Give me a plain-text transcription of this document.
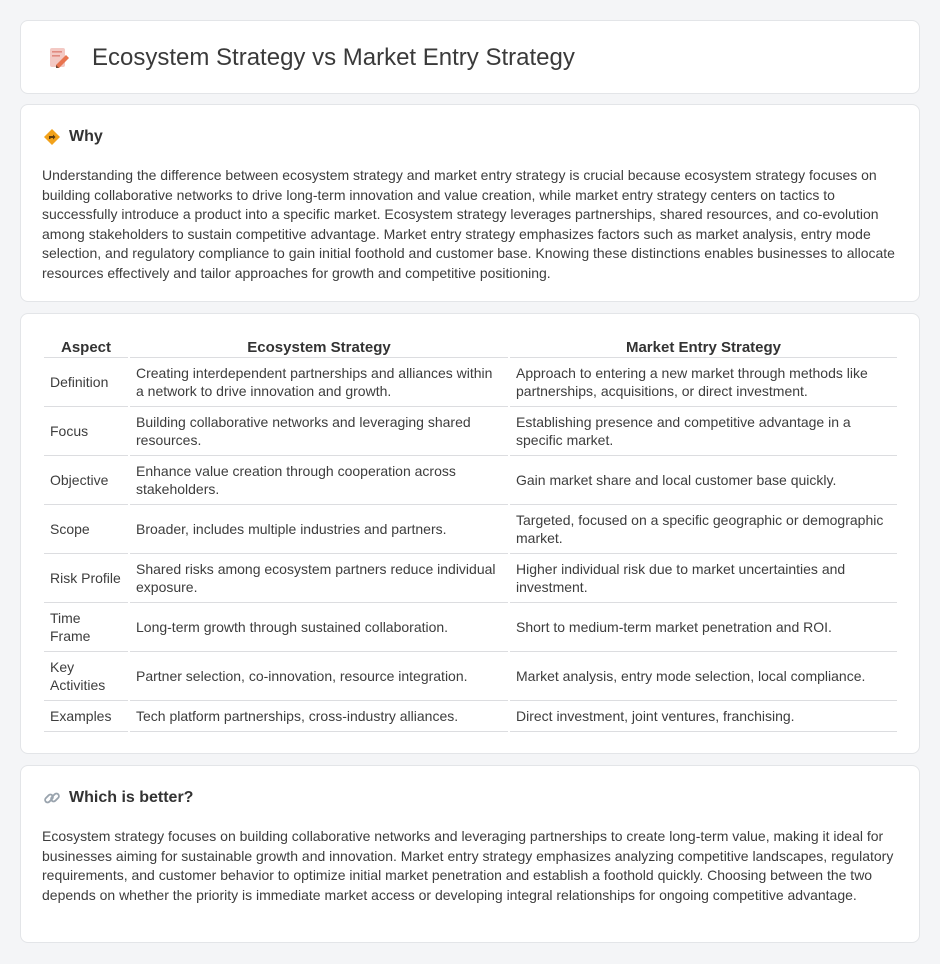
Ecosystem Strategy vs Market Entry Strategy
Why

Understanding the difference between ecosystem strategy and market entry strategy is crucial because ecosystem strategy focuses on building collaborative networks to drive long-term innovation and value creation, while market entry strategy centers on tactics to successfully introduce a product into a specific market. Ecosystem strategy leverages partnerships, shared resources, and co-evolution among stakeholders to sustain competitive advantage. Market entry strategy emphasizes factors such as market analysis, entry mode selection, and regulatory compliance to gain initial foothold and customer base. Knowing these distinctions enables businesses to allocate resources effectively and tailor approaches for growth and competitive positioning.

Aspect	Ecosystem Strategy	Market Entry Strategy
Definition	Creating interdependent partnerships and alliances within a network to drive innovation and growth.	Approach to entering a new market through methods like partnerships, acquisitions, or direct investment.
Focus	Building collaborative networks and leveraging shared resources.	Establishing presence and competitive advantage in a specific market.
Objective	Enhance value creation through cooperation across stakeholders.	Gain market share and local customer base quickly.
Scope	Broader, includes multiple industries and partners.	Targeted, focused on a specific geographic or demographic market.
Risk Profile	Shared risks among ecosystem partners reduce individual exposure.	Higher individual risk due to market uncertainties and investment.
Time Frame	Long-term growth through sustained collaboration.	Short to medium-term market penetration and ROI.
Key Activities	Partner selection, co-innovation, resource integration.	Market analysis, entry mode selection, local compliance.
Examples	Tech platform partnerships, cross-industry alliances.	Direct investment, joint ventures, franchising.
Which is better?

Ecosystem strategy focuses on building collaborative networks and leveraging partnerships to create long-term value, making it ideal for businesses aiming for sustainable growth and innovation. Market entry strategy emphasizes analyzing competitive landscapes, regulatory requirements, and customer behavior to optimize initial market penetration and establish a foothold quickly. Choosing between the two depends on whether the priority is immediate market access or developing integral relationships for ongoing competitive advantage.
